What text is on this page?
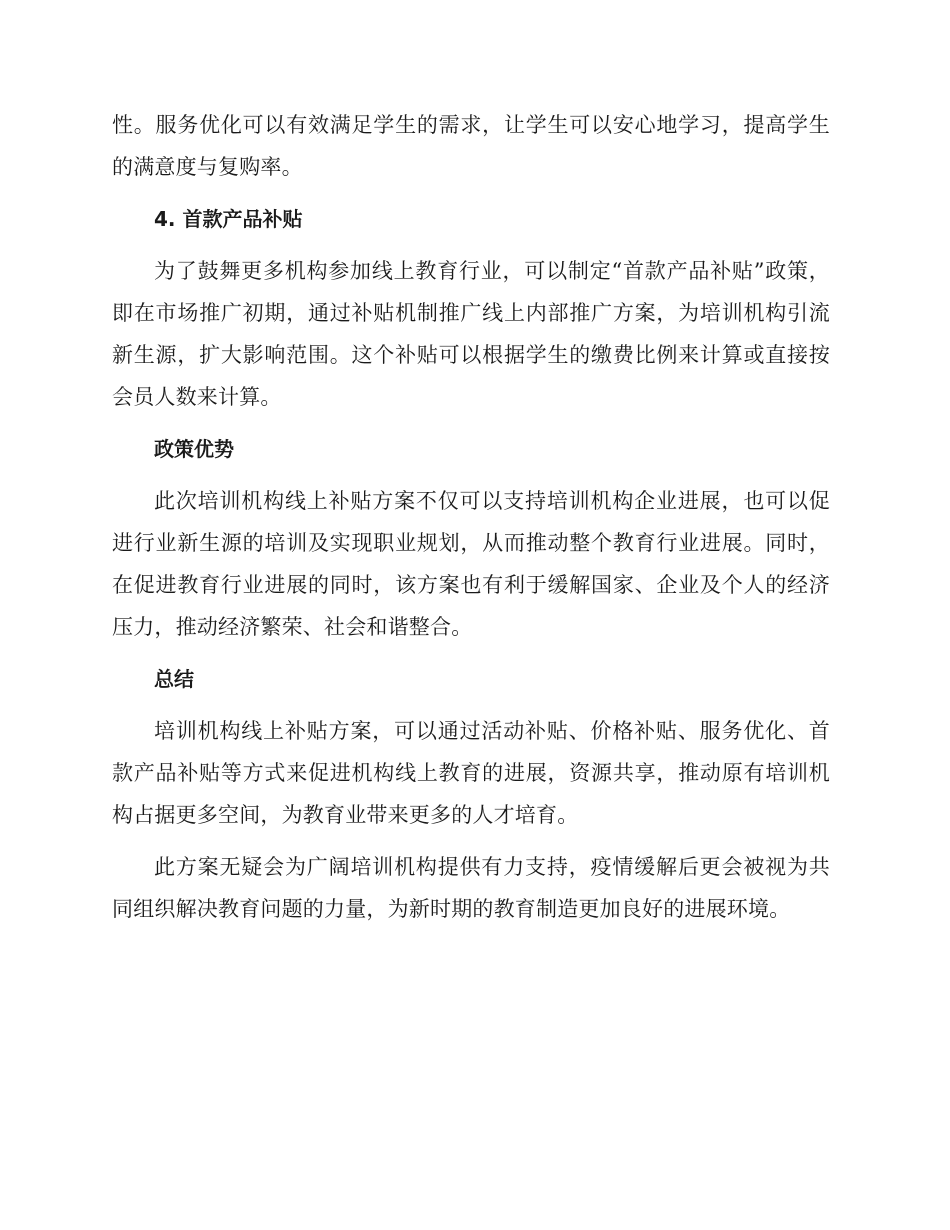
性。服务优化可以有效满足学生的需求，让学生可以安心地学习，提高学生的满意度与复购率。

4. 首款产品补贴

为了鼓舞更多机构参加线上教育行业，可以制定“首款产品补贴”政策，即在市场推广初期，通过补贴机制推广线上内部推广方案，为培训机构引流新生源，扩大影响范围。这个补贴可以根据学生的缴费比例来计算或直接按会员人数来计算。

政策优势

此次培训机构线上补贴方案不仅可以支持培训机构企业进展，也可以促进行业新生源的培训及实现职业规划，从而推动整个教育行业进展。同时，在促进教育行业进展的同时，该方案也有利于缓解国家、企业及个人的经济压力，推动经济繁荣、社会和谐整合。

总结

培训机构线上补贴方案，可以通过活动补贴、价格补贴、服务优化、首款产品补贴等方式来促进机构线上教育的进展，资源共享，推动原有培训机构占据更多空间，为教育业带来更多的人才培育。

此方案无疑会为广阔培训机构提供有力支持，疫情缓解后更会被视为共同组织解决教育问题的力量，为新时期的教育制造更加良好的进展环境。
